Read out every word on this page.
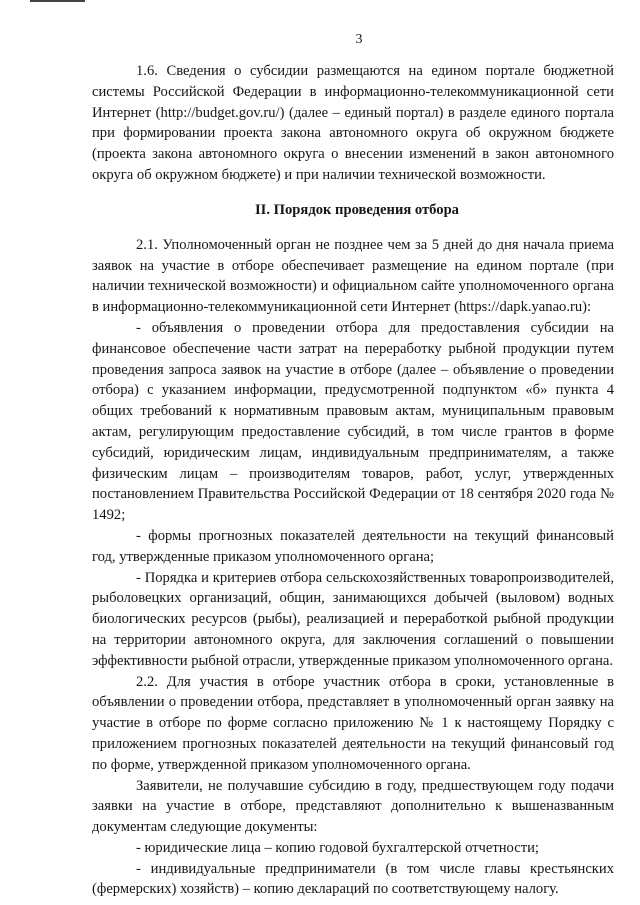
3

1.6. Сведения о субсидии размещаются на едином портале бюджетной системы Российской Федерации в информационно-телекоммуникационной сети Интернет (http://budget.gov.ru/) (далее – единый портал) в разделе единого портала при формировании проекта закона автономного округа об окружном бюджете (проекта закона автономного округа о внесении изменений в закон автономного округа об окружном бюджете) и при наличии технической возможности.

II. Порядок проведения отбора

2.1. Уполномоченный орган не позднее чем за 5 дней до дня начала приема заявок на участие в отборе обеспечивает размещение на едином портале (при наличии технической возможности) и официальном сайте уполномоченного органа в информационно-телекоммуникационной сети Интернет (https://dapk.yanao.ru):

- объявления о проведении отбора для предоставления субсидии на финансовое обеспечение части затрат на переработку рыбной продукции путем проведения запроса заявок на участие в отборе (далее – объявление о проведении отбора) с указанием информации, предусмотренной подпунктом «б» пункта 4 общих требований к нормативным правовым актам, муниципальным правовым актам, регулирующим предоставление субсидий, в том числе грантов в форме субсидий, юридическим лицам, индивидуальным предпринимателям, а также физическим лицам – производителям товаров, работ, услуг, утвержденных постановлением Правительства Российской Федерации от 18 сентября 2020 года № 1492;

- формы прогнозных показателей деятельности на текущий финансовый год, утвержденные приказом уполномоченного органа;

- Порядка и критериев отбора сельскохозяйственных товаропроизводителей, рыболовецких организаций, общин, занимающихся добычей (выловом) водных биологических ресурсов (рыбы), реализацией и переработкой рыбной продукции на территории автономного округа, для заключения соглашений о повышении эффективности рыбной отрасли, утвержденные приказом уполномоченного органа.

2.2. Для участия в отборе участник отбора в сроки, установленные в объявлении о проведении отбора, представляет в уполномоченный орган заявку на участие в отборе по форме согласно приложению № 1 к настоящему Порядку с приложением прогнозных показателей деятельности на текущий финансовый год по форме, утвержденной приказом уполномоченного органа.

Заявители, не получавшие субсидию в году, предшествующем году подачи заявки на участие в отборе, представляют дополнительно к вышеназванным документам следующие документы:

- юридические лица – копию годовой бухгалтерской отчетности;

- индивидуальные предприниматели (в том числе главы крестьянских (фермерских) хозяйств) – копию деклараций по соответствующему налогу.
